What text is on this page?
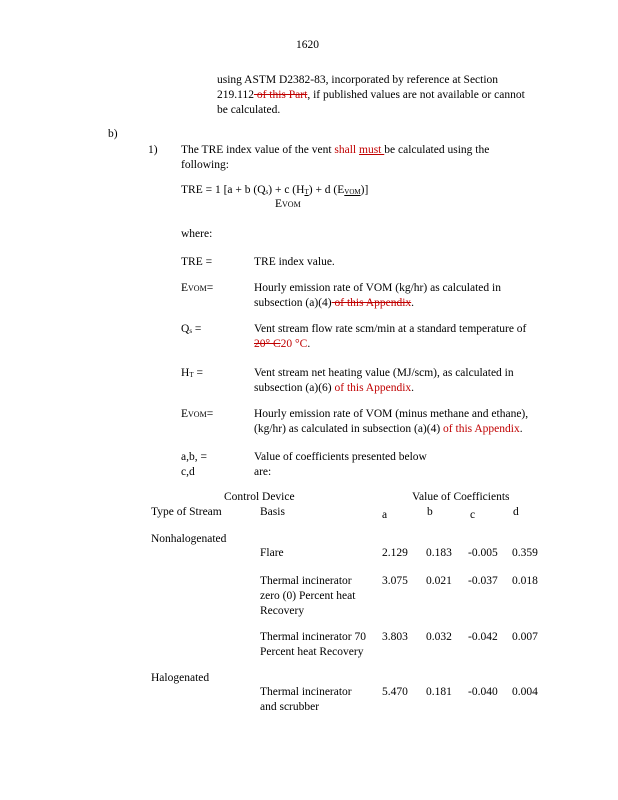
1620
using ASTM D2382-83, incorporated by reference at Section
219.112 of this Part, if published values are not available or cannot
be calculated.
b)
1) The TRE index value of the vent shall must be calculated using the
following:
TRE = 1 [a + b (Qs) + c (HT) + d (EVOM)]
EVOM
where:
TRE =	TRE index value.
EVOM=	Hourly emission rate of VOM (kg/hr) as calculated in
subsection (a)(4) of this Appendix.
Qs =	Vent stream flow rate scm/min at a standard temperature of
20° C20 °C.
HT =	Vent stream net heating value (MJ/scm), as calculated in
subsection (a)(6) of this Appendix.
EVOM=	Hourly emission rate of VOM (minus methane and ethane),
(kg/hr) as calculated in subsection (a)(4) of this Appendix.
a,b, =
c,d
Value of coefficients presented below
are:
Control Device	Value of Coefficients
Type of Stream	Basis	a	b	c	d
Nonhalogenated
Flare	2.129 0.183 -0.005 0.359
Thermal incinerator
zero (0) Percent heat
Recovery
3.075 0.021 -0.037 0.018
Thermal incinerator 70
Percent heat Recovery
3.803 0.032 -0.042 0.007
Halogenated
Thermal incinerator
and scrubber
5.470 0.181 -0.040 0.004
